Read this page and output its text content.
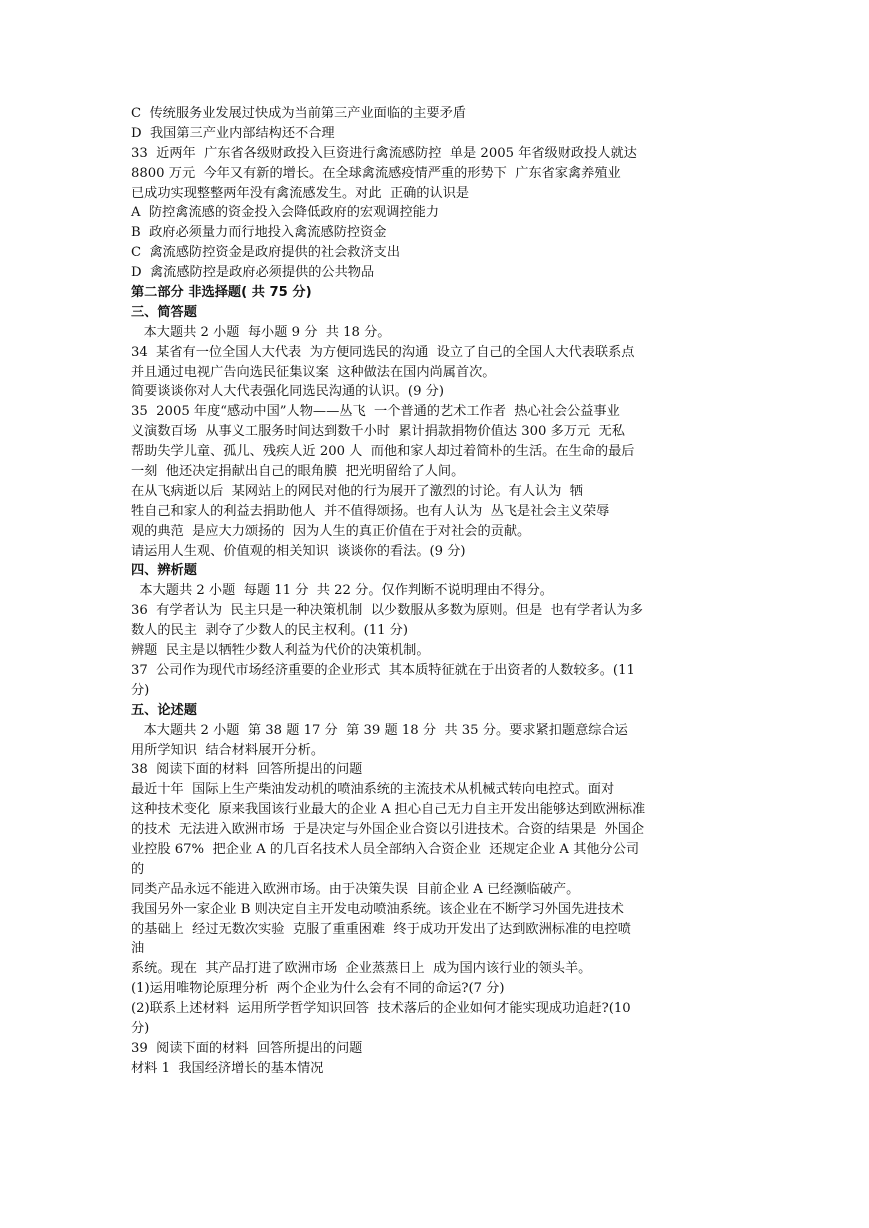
C  传统服务业发展过快成为当前第三产业面临的主要矛盾
D  我国第三产业内部结构还不合理
33  近两年  广东省各级财政投入巨资进行禽流感防控  单是 2005 年省级财政投人就达
8800 万元  今年又有新的增长。在全球禽流感疫情严重的形势下  广东省家禽养殖业
已成功实现整整两年没有禽流感发生。对此  正确的认识是
A  防控禽流感的资金投入会降低政府的宏观调控能力
B  政府必须量力而行地投入禽流感防控资金
C  禽流感防控资金是政府提供的社会救济支出
D  禽流感防控是政府必须提供的公共物品
第二部分 非选择题( 共 75 分)
三、简答题
本大题共 2 小题  每小题 9 分  共 18 分。
34  某省有一位全国人大代表  为方便同选民的沟通  设立了自己的全国人大代表联系点
并且通过电视广告向选民征集议案  这种做法在国内尚属首次。
简要谈谈你对人大代表强化同选民沟通的认识。(9 分)
35  2005 年度“感动中国”人物——丛飞  一个普通的艺术工作者  热心社会公益事业
义演数百场  从事义工服务时间达到数千小时  累计捐款捐物价值达 300 多万元  无私
帮助失学儿童、孤儿、残疾人近 200 人  而他和家人却过着简朴的生活。在生命的最后
一刻  他还决定捐献出自己的眼角膜  把光明留给了人间。
在从飞病逝以后  某网站上的网民对他的行为展开了激烈的讨论。有人认为  牺
牲自己和家人的利益去捐助他人  并不值得颂扬。也有人认为  丛飞是社会主义荣辱
观的典范  是应大力颂扬的  因为人生的真正价值在于对社会的贡献。
请运用人生观、价值观的相关知识  谈谈你的看法。(9 分)
四、辨析题
本大题共 2 小题  每题 11 分  共 22 分。仅作判断不说明理由不得分。
36  有学者认为  民主只是一种决策机制  以少数服从多数为原则。但是  也有学者认为多
数人的民主  剥夺了少数人的民主权利。(11 分)
辨题  民主是以牺牲少数人利益为代价的决策机制。
37  公司作为现代市场经济重要的企业形式  其本质特征就在于出资者的人数较多。(11
分)
五、论述题
本大题共 2 小题  第 38 题 17 分  第 39 题 18 分  共 35 分。要求紧扣题意综合运
用所学知识  结合材料展开分析。
38  阅读下面的材料  回答所提出的问题
最近十年  国际上生产柴油发动机的喷油系统的主流技术从机械式转向电控式。面对
这种技术变化  原来我国该行业最大的企业 A 担心自己无力自主开发出能够达到欧洲标准
的技术  无法进入欧洲市场  于是决定与外国企业合资以引进技术。合资的结果是  外国企
业控股 67%  把企业 A 的几百名技术人员全部纳入合资企业  还规定企业 A 其他分公司
的
同类产品永远不能进入欧洲市场。由于决策失误  目前企业 A 已经濒临破产。
我国另外一家企业 B 则决定自主开发电动喷油系统。该企业在不断学习外国先进技术
的基础上  经过无数次实验  克服了重重困难  终于成功开发出了达到欧洲标准的电控喷
油
系统。现在  其产品打进了欧洲市场  企业蒸蒸日上  成为国内该行业的领头羊。
(1)运用唯物论原理分析  两个企业为什么会有不同的命运?(7 分)
(2)联系上述材料  运用所学哲学知识回答  技术落后的企业如何才能实现成功追赶?(10
分)
39  阅读下面的材料  回答所提出的问题
材料 1  我国经济增长的基本情况
